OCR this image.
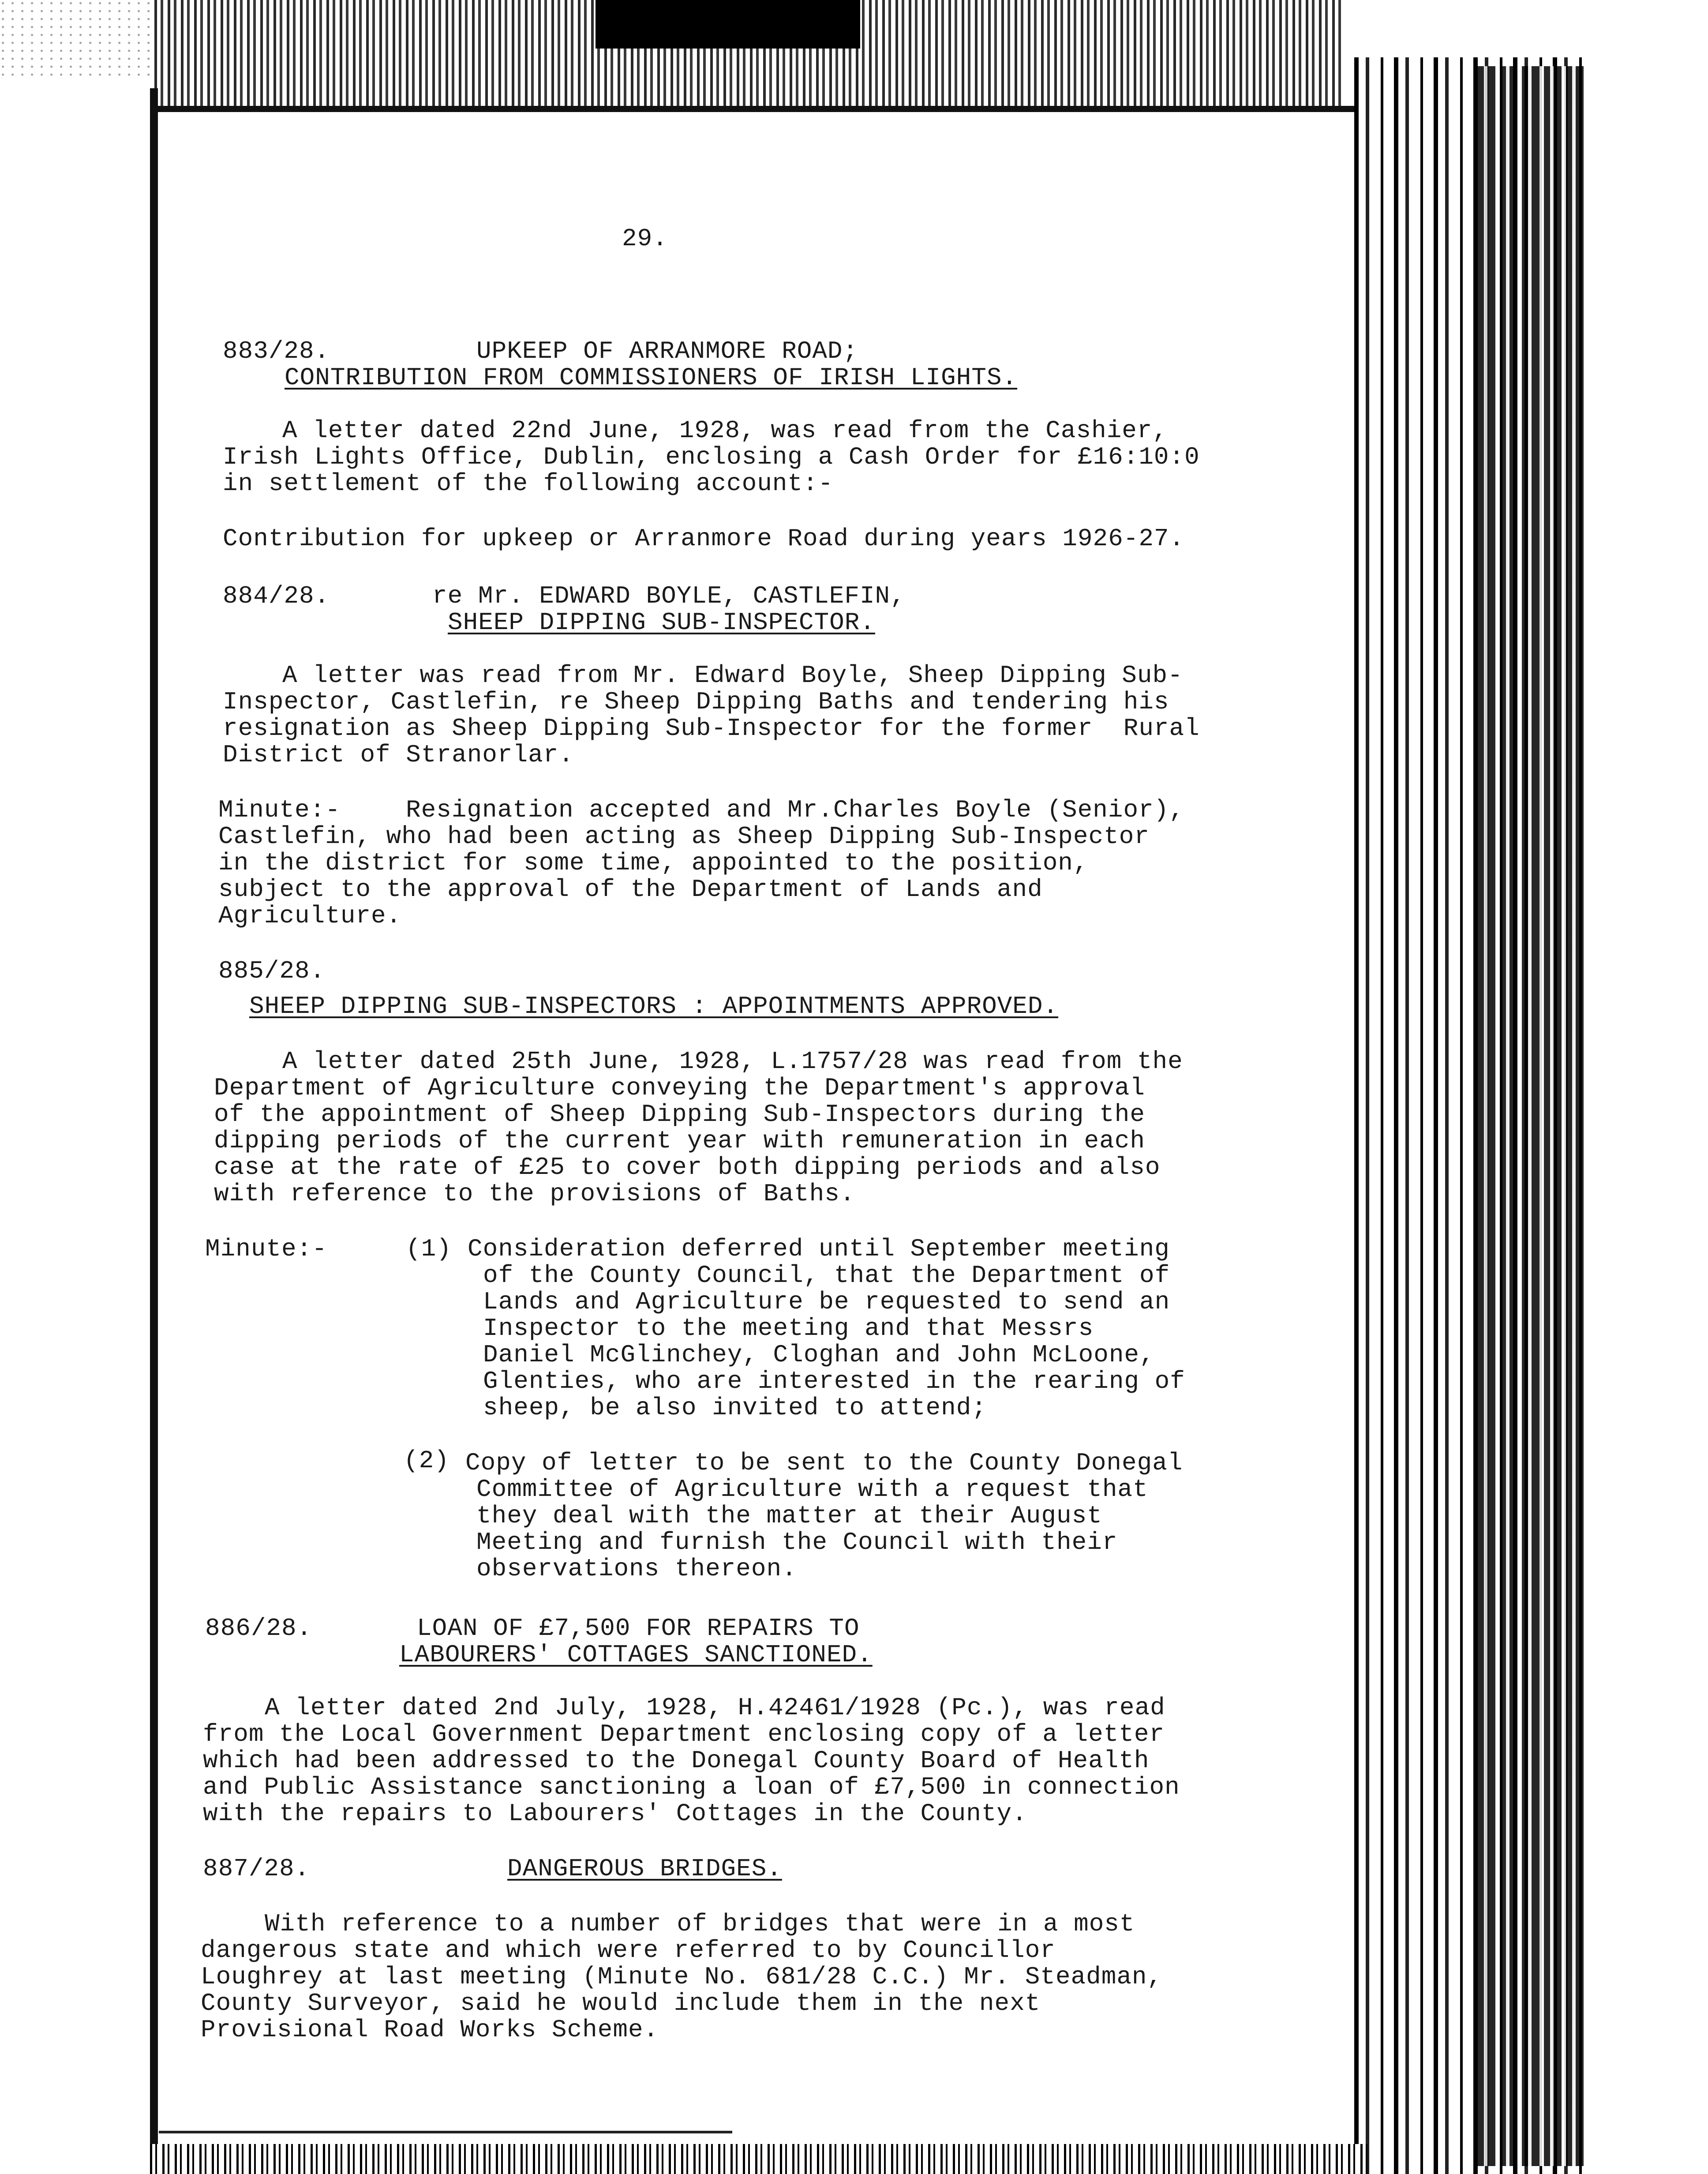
29.
883/28.	UPKEEP OF ARRANMORE ROAD;
CONTRIBUTION FROM COMMISSIONERS OF IRISH LIGHTS.
A letter dated 22nd June, 1928, was read from the Cashier,
Irish Lights Office, Dublin, enclosing a Cash Order for £16:10:0
in settlement of the following account:-
Contribution for upkeep or Arranmore Road during years 1926-27.
884/28.	re Mr. EDWARD BOYLE, CASTLEFIN,
SHEEP DIPPING SUB-INSPECTOR.
A letter was read from Mr. Edward Boyle, Sheep Dipping Sub-
Inspector, Castlefin, re Sheep Dipping Baths and tendering his
resignation as Sheep Dipping Sub-Inspector for the former  Rural
District of Stranorlar.
Minute:-	Resignation accepted and Mr.Charles Boyle (Senior),
Castlefin, who had been acting as Sheep Dipping Sub-Inspector
in the district for some time, appointed to the position,
subject to the approval of the Department of Lands and
Agriculture.
885/28.
SHEEP DIPPING SUB-INSPECTORS : APPOINTMENTS APPROVED.
A letter dated 25th June, 1928, L.1757/28 was read from the
Department of Agriculture conveying the Department's approval
of the appointment of Sheep Dipping Sub-Inspectors during the
dipping periods of the current year with remuneration in each
case at the rate of £25 to cover both dipping periods and also
with reference to the provisions of Baths.
Minute:-	(1) Consideration deferred until September meeting
of the County Council, that the Department of
Lands and Agriculture be requested to send an
Inspector to the meeting and that Messrs
Daniel McGlinchey, Cloghan and John McLoone,
Glenties, who are interested in the rearing of
sheep, be also invited to attend;
(2) Copy of letter to be sent to the County Donegal
Committee of Agriculture with a request that
they deal with the matter at their August
Meeting and furnish the Council with their
observations thereon.
886/28.	LOAN OF £7,500 FOR REPAIRS TO
LABOURERS' COTTAGES SANCTIONED.
A letter dated 2nd July, 1928, H.42461/1928 (Pc.), was read
from the Local Government Department enclosing copy of a letter
which had been addressed to the Donegal County Board of Health
and Public Assistance sanctioning a loan of £7,500 in connection
with the repairs to Labourers' Cottages in the County.
887/28.	DANGEROUS BRIDGES.
With reference to a number of bridges that were in a most
dangerous state and which were referred to by Councillor
Loughrey at last meeting (Minute No. 681/28 C.C.) Mr. Steadman,
County Surveyor, said he would include them in the next
Provisional Road Works Scheme.
